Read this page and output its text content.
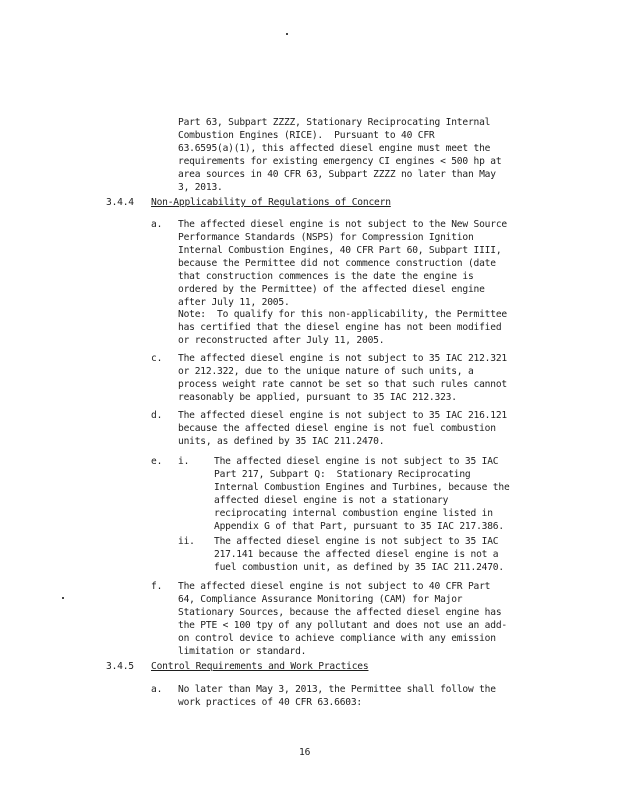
Part 63, Subpart ZZZZ, Stationary Reciprocating Internal
Combustion Engines (RICE).  Pursuant to 40 CFR
63.6595(a)(1), this affected diesel engine must meet the
requirements for existing emergency CI engines < 500 hp at
area sources in 40 CFR 63, Subpart ZZZZ no later than May
3, 2013.
3.4.4 Non-Applicability of Regulations of Concern
a. The affected diesel engine is not subject to the New Source
Performance Standards (NSPS) for Compression Ignition
Internal Combustion Engines, 40 CFR Part 60, Subpart IIII,
because the Permittee did not commence construction (date
that construction commences is the date the engine is
ordered by the Permittee) of the affected diesel engine
after July 11, 2005.
Note:  To qualify for this non-applicability, the Permittee
has certified that the diesel engine has not been modified
or reconstructed after July 11, 2005.
c. The affected diesel engine is not subject to 35 IAC 212.321
or 212.322, due to the unique nature of such units, a
process weight rate cannot be set so that such rules cannot
reasonably be applied, pursuant to 35 IAC 212.323.
d. The affected diesel engine is not subject to 35 IAC 216.121
because the affected diesel engine is not fuel combustion
units, as defined by 35 IAC 211.2470.
e. i.	The affected diesel engine is not subject to 35 IAC
Part 217, Subpart Q:  Stationary Reciprocating
Internal Combustion Engines and Turbines, because the
affected diesel engine is not a stationary
reciprocating internal combustion engine listed in
Appendix G of that Part, pursuant to 35 IAC 217.386.
ii. The affected diesel engine is not subject to 35 IAC
217.141 because the affected diesel engine is not a
fuel combustion unit, as defined by 35 IAC 211.2470.
f. The affected diesel engine is not subject to 40 CFR Part
64, Compliance Assurance Monitoring (CAM) for Major
Stationary Sources, because the affected diesel engine has
the PTE < 100 tpy of any pollutant and does not use an add-
on control device to achieve compliance with any emission
limitation or standard.
3.4.5 Control Requirements and Work Practices
a. No later than May 3, 2013, the Permittee shall follow the
work practices of 40 CFR 63.6603:
16
